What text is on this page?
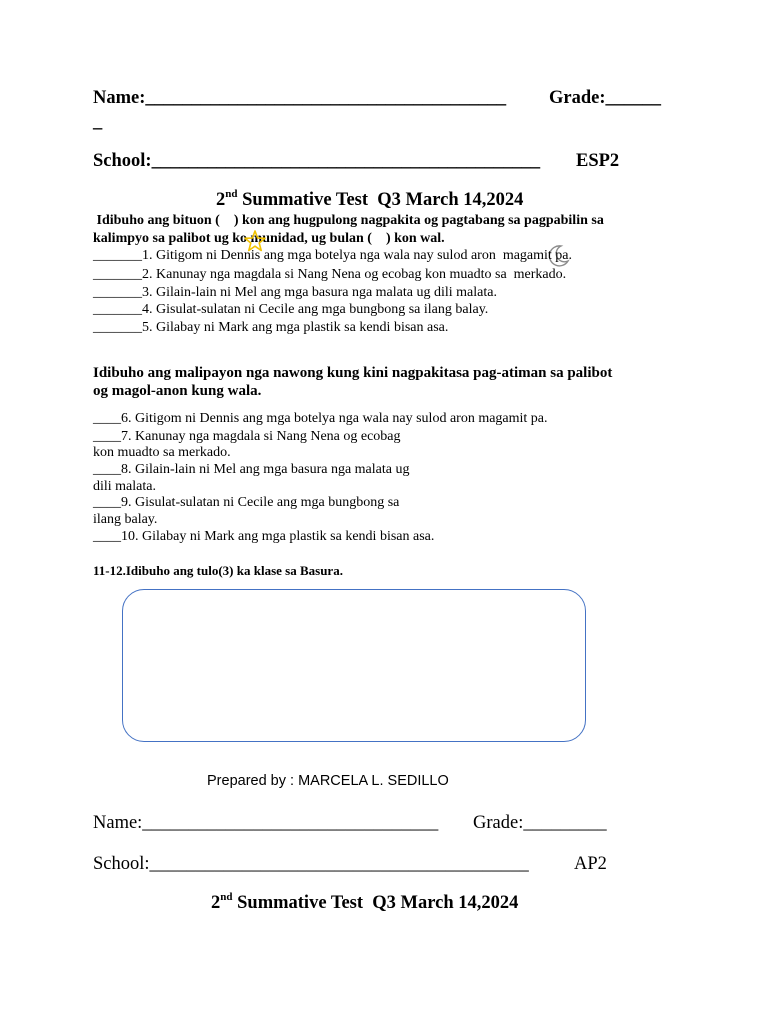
Name:_______________________________________ Grade:______
_
School:__________________________________________ ESP2
2nd Summative Test  Q3 March 14,2024
Idibuho ang bituon (    ) kon ang hugpulong nagpakita og pagtabang sa pagpabilin sa
kalimpyo sa palibot ug ko munidad, ug bulan (    ) kon wal.
_______1. Gitigom ni Dennis ang mga botelya nga wala nay sulod aron  magamit pa.
_______2. Kanunay nga magdala si Nang Nena og ecobag kon muadto sa  merkado.
_______3. Gilain-lain ni Mel ang mga basura nga malata ug dili malata.
_______4. Gisulat-sulatan ni Cecile ang mga bungbong sa ilang balay.
_______5. Gilabay ni Mark ang mga plastik sa kendi bisan asa.
Idibuho ang malipayon nga nawong kung kini nagpakitasa pag-atiman sa palibot
og magol-anon kung wala.
____6. Gitigom ni Dennis ang mga botelya nga wala nay sulod aron magamit pa.
____7. Kanunay nga magdala si Nang Nena og ecobag
kon muadto sa merkado.
____8. Gilain-lain ni Mel ang mga basura nga malata ug
dili malata.
____9. Gisulat-sulatan ni Cecile ang mga bungbong sa
ilang balay.
____10. Gilabay ni Mark ang mga plastik sa kendi bisan asa.
11-12.Idibuho ang tulo(3) ka klase sa Basura.
Prepared by : MARCELA L. SEDILLO
Name:________________________________ Grade:_________
School:_________________________________________ AP2
2nd Summative Test  Q3 March 14,2024
